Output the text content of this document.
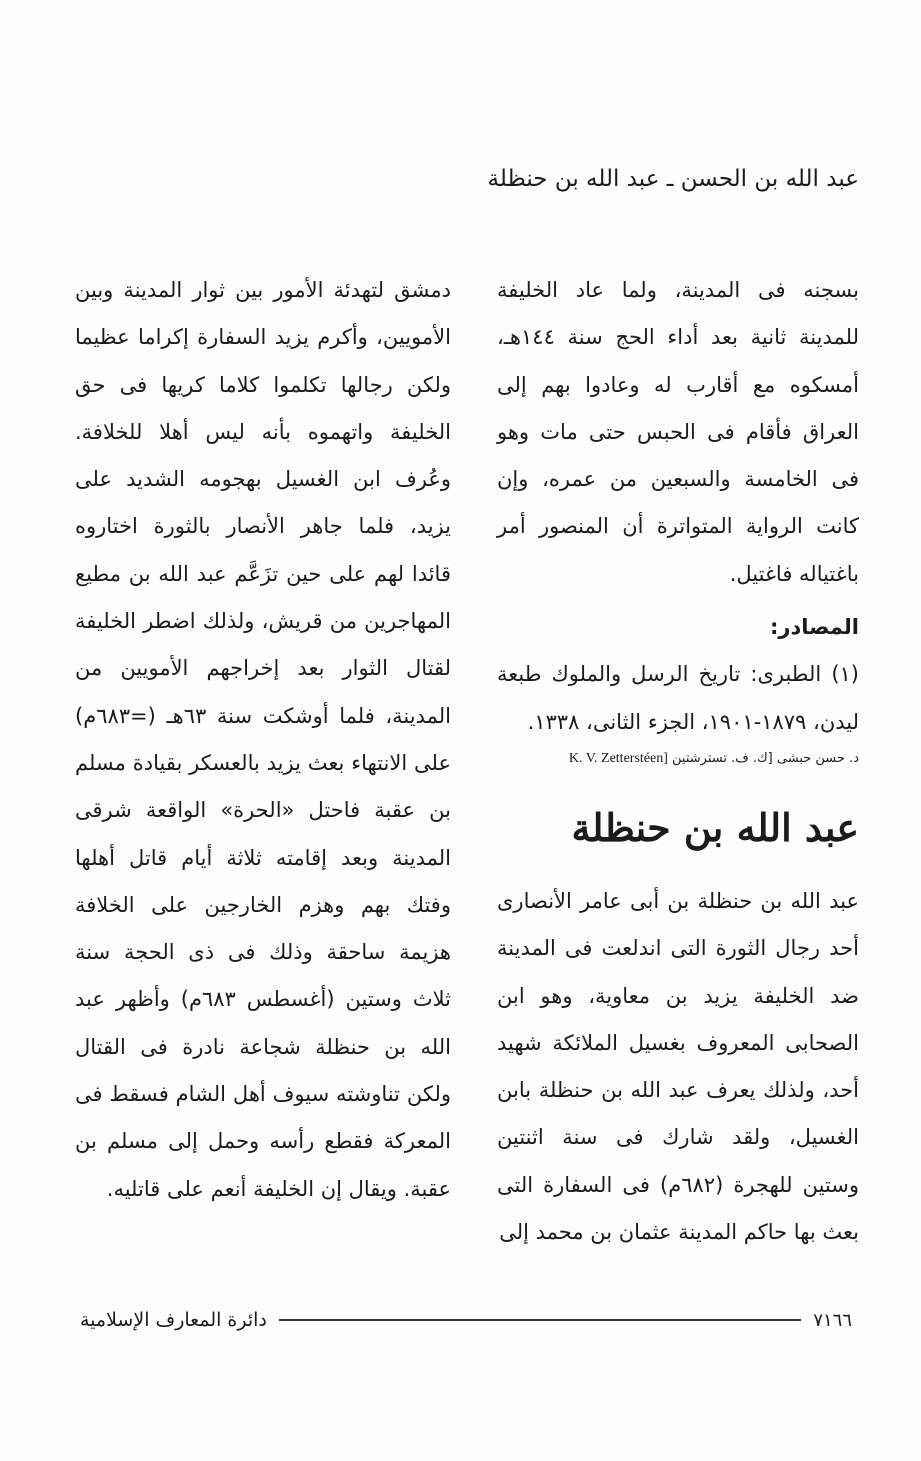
عبد الله بن الحسن ـ عبد الله بن حنظلة

بسجنه فى المدينة، ولما عاد الخليفة للمدينة ثانية بعد أداء الحج سنة ١٤٤هـ، أمسكوه مع أقارب له وعادوا بهم إلى العراق فأقام فى الحبس حتى مات وهو فى الخامسة والسبعين من عمره، وإن كانت الرواية المتواترة أن المنصور أمر باغتياله فاغتيل.

المصادر:

(١) الطبرى: تاريخ الرسل والملوك طبعة ليدن، ١٨٧٩-١٩٠١، الجزء الثانى، ١٣٣٨.

د. حسن حبشى [ك. ف. تسترشتين K. V. Zetterstéen]

عبد الله بن حنظلة

عبد الله بن حنظلة بن أبى عامر الأنصارى أحد رجال الثورة التى اندلعت فى المدينة ضد الخليفة يزيد بن معاوية، وهو ابن الصحابى المعروف بغسيل الملائكة شهيد أحد، ولذلك يعرف عبد الله بن حنظلة بابن الغسيل، ولقد شارك فى سنة اثنتين وستين للهجرة (٦٨٢م) فى السفارة التى بعث بها حاكم المدينة عثمان بن محمد إلى

دمشق لتهدئة الأمور بين ثوار المدينة وبين الأمويين، وأكرم يزيد السفارة إكراما عظيما ولكن رجالها تكلموا كلاما كريها فى حق الخليفة واتهموه بأنه ليس أهلا للخلافة. وعُرف ابن الغسيل بهجومه الشديد على يزيد، فلما جاهر الأنصار بالثورة اختاروه قائدا لهم على حين تزَعَّم عبد الله بن مطيع المهاجرين من قريش، ولذلك اضطر الخليفة لقتال الثوار بعد إخراجهم الأمويين من المدينة، فلما أوشكت سنة ٦٣هـ (=٦٨٣م) على الانتهاء بعث يزيد بالعسكر بقيادة مسلم بن عقبة فاحتل «الحرة» الواقعة شرقى المدينة وبعد إقامته ثلاثة أيام قاتل أهلها وفتك بهم وهزم الخارجين على الخلافة هزيمة ساحقة وذلك فى ذى الحجة سنة ثلاث وستين (أغسطس ٦٨٣م) وأظهر عبد الله بن حنظلة شجاعة نادرة فى القتال ولكن تناوشته سيوف أهل الشام فسقط فى المعركة فقطع رأسه وحمل إلى مسلم بن عقبة. ويقال إن الخليفة أنعم على قاتليه.

دائرة المعارف الإسلامية	٧١٦٦
